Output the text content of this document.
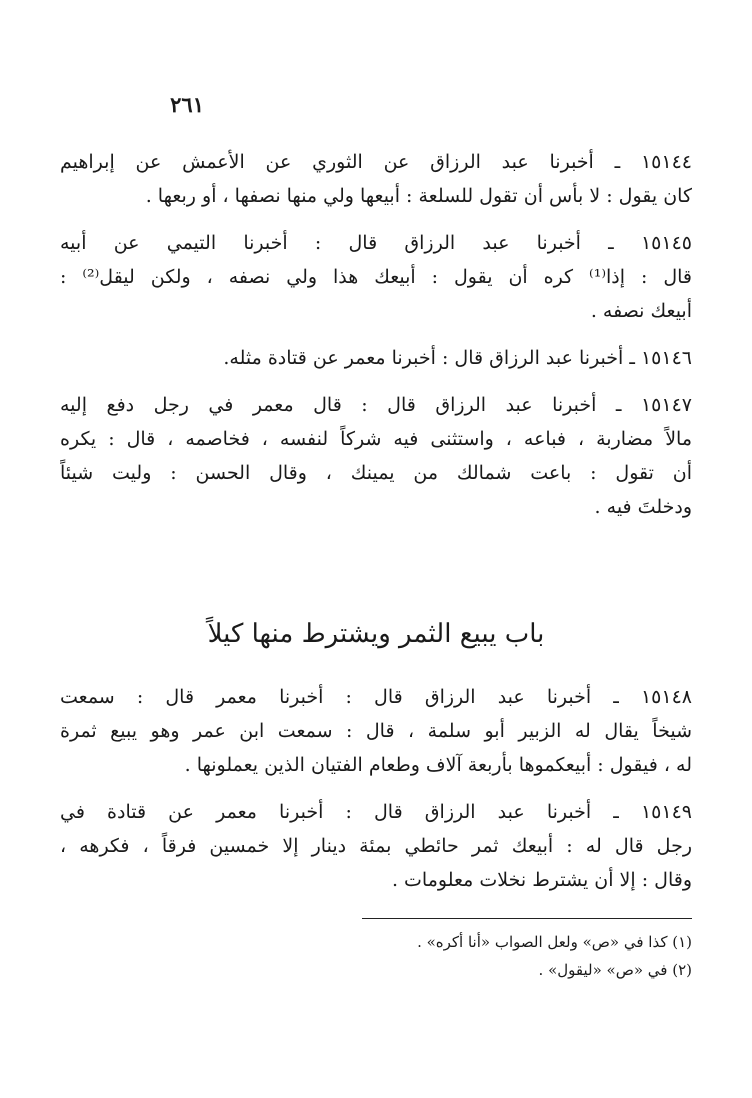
٢٦١
١٥١٤٤ ـ أخبرنا عبد الرزاق عن الثوري عن الأعمش عن إبراهيم
كان يقول : لا بأس أن تقول للسلعة : أبيعها ولي منها نصفها ، أو ربعها .
١٥١٤٥ ـ أخبرنا عبد الرزاق قال : أخبرنا التيمي عن أبيه
قال : إذا⁽¹⁾ كره أن يقول : أبيعك هذا ولي نصفه ، ولكن ليقل⁽²⁾ :
أبيعك نصفه .
١٥١٤٦ ـ أخبرنا عبد الرزاق قال : أخبرنا معمر عن قتادة مثله.
١٥١٤٧ ـ أخبرنا عبد الرزاق قال : قال معمر في رجل دفع إليه
مالاً مضاربة ، فباعه ، واستثنى فيه شركاً لنفسه ، فخاصمه ، قال : يكره
أن تقول : باعت شمالك من يمينك ، وقال الحسن : وليت شيئاً
ودخلتَ فيه .
باب يبيع الثمر ويشترط منها كيلاً
١٥١٤٨ ـ أخبرنا عبد الرزاق قال : أخبرنا معمر قال : سمعت
شيخاً يقال له الزبير أبو سلمة ، قال : سمعت ابن عمر وهو يبيع ثمرة
له ، فيقول : أبيعكموها بأربعة آلاف وطعام الفتيان الذين يعملونها .
١٥١٤٩ ـ أخبرنا عبد الرزاق قال : أخبرنا معمر عن قتادة في
رجل قال له : أبيعك ثمر حائطي بمئة دينار إلا خمسين فرقاً ، فكرهه ،
وقال : إلا أن يشترط نخلات معلومات .
(١) كذا في «ص» ولعل الصواب «أنا أكره» .
(٢) في «ص» «ليقول» .
